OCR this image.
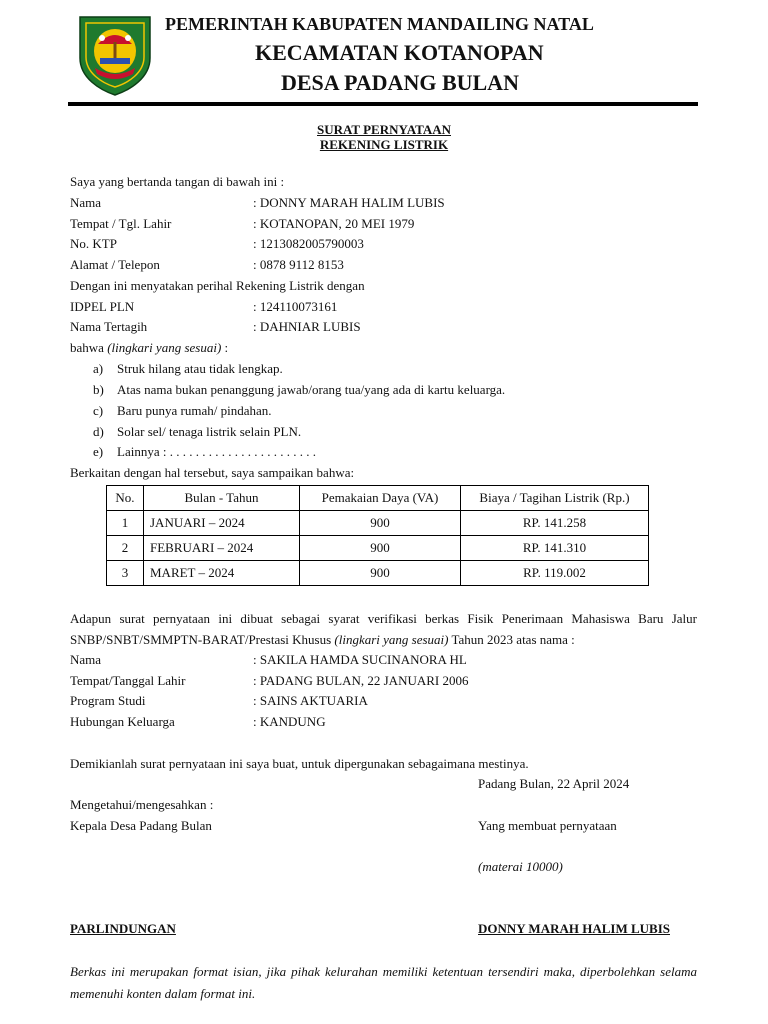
PEMERINTAH KABUPATEN MANDAILING NATAL
KECAMATAN KOTANOPAN
DESA PADANG BULAN
SURAT PERNYATAAN
REKENING LISTRIK
Saya yang bertanda tangan di bawah ini :
Nama	: DONNY MARAH HALIM LUBIS
Tempat / Tgl. Lahir	: KOTANOPAN, 20 MEI 1979
No. KTP	: 1213082005790003
Alamat / Telepon	: 0878 9112 8153
Dengan ini menyatakan perihal Rekening Listrik dengan
IDPEL PLN	: 124110073161
Nama Tertagih	: DAHNIAR LUBIS
bahwa (lingkari yang sesuai) :
a) Struk hilang atau tidak lengkap.
b) Atas nama bukan penanggung jawab/orang tua/yang ada di kartu keluarga.
c) Baru punya rumah/ pindahan.
d) Solar sel/ tenaga listrik selain PLN.
e) Lainnya : . . . . . . . . . . . . . . . . . . . . . . .
Berkaitan dengan hal tersebut, saya sampaikan bahwa:
No.	Bulan - Tahun	Pemakaian Daya (VA)	Biaya / Tagihan Listrik (Rp.)
1	JANUARI – 2024	900	RP. 141.258
2	FEBRUARI – 2024	900	RP. 141.310
3	MARET – 2024	900	RP. 119.002
Adapun surat pernyataan ini dibuat sebagai syarat verifikasi berkas Fisik Penerimaan Mahasiswa Baru Jalur SNBP/SNBT/SMMPTN-BARAT/Prestasi Khusus (lingkari yang sesuai) Tahun 2023 atas nama :
Nama	: SAKILA HAMDA SUCINANORA HL
Tempat/Tanggal Lahir	: PADANG BULAN, 22 JANUARI 2006
Program Studi	: SAINS AKTUARIA
Hubungan Keluarga	: KANDUNG
Demikianlah surat pernyataan ini saya buat, untuk dipergunakan sebagaimana mestinya.
Padang Bulan, 22 April 2024
Mengetahui/mengesahkan :
Kepala Desa Padang Bulan	Yang membuat pernyataan
(materai 10000)
PARLINDUNGAN	DONNY MARAH HALIM LUBIS
Berkas ini merupakan format isian, jika pihak kelurahan memiliki ketentuan tersendiri maka, diperbolehkan selama memenuhi konten dalam format ini.
